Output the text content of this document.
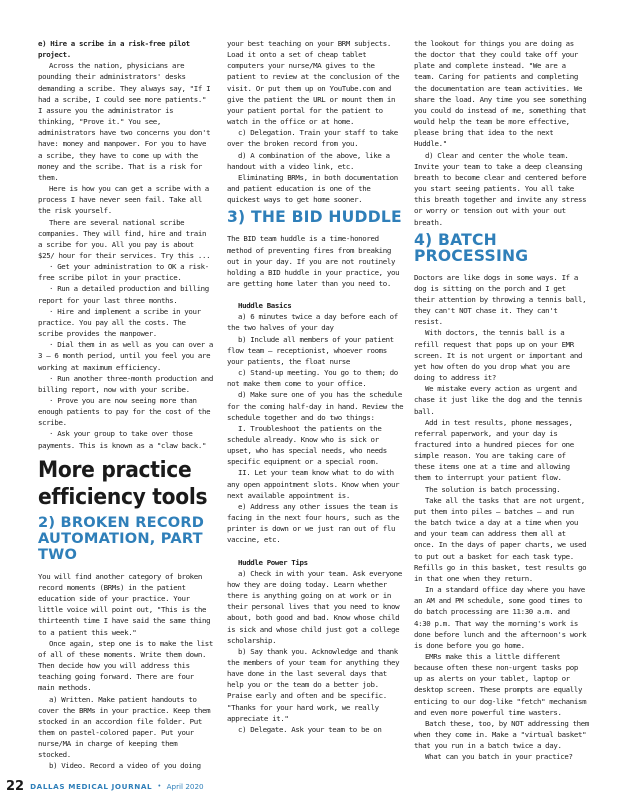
e) Hire a scribe in a risk-free pilot project.

Across the nation, physicians are pounding their administrators' desks demanding a scribe. They always say, "If I had a scribe, I could see more patients." I assure you the administrator is thinking, "Prove it." You see, administrators have two concerns you don't have: money and manpower. For you to have a scribe, they have to come up with the money and the scribe. That is a risk for them.

Here is how you can get a scribe with a process I have never seen fail. Take all the risk yourself.

There are several national scribe companies. They will find, hire and train a scribe for you. All you pay is about $25/ hour for their services. Try this ...

· Get your administration to OK a risk-free scribe pilot in your practice.

· Run a detailed production and billing report for your last three months.

· Hire and implement a scribe in your practice. You pay all the costs. The scribe provides the manpower.

· Dial them in as well as you can over a 3 – 6 month period, until you feel you are working at maximum efficiency.

· Run another three-month production and billing report, now with your scribe.

· Prove you are now seeing more than enough patients to pay for the cost of the scribe.

· Ask your group to take over those payments. This is known as a "claw back."

More practice efficiency tools
2) BROKEN RECORD AUTOMATION, PART TWO

You will find another category of broken record moments (BRMs) in the patient education side of your practice. Your little voice will point out, "This is the thirteenth time I have said the same thing to a patient this week."

Once again, step one is to make the list of all of these moments. Write them down. Then decide how you will address this teaching going forward. There are four main methods.

a) Written. Make patient handouts to cover the BRMs in your practice. Keep them stocked in an accordion file folder. Put them on pastel-colored paper. Put your nurse/MA in charge of keeping them stocked.

b) Video. Record a video of you doing

your best teaching on your BRM subjects. Load it onto a set of cheap tablet computers your nurse/MA gives to the patient to review at the conclusion of the visit. Or put them up on YouTube.com and give the patient the URL or mount them in your patient portal for the patient to watch in the office or at home.

c) Delegation. Train your staff to take over the broken record from you.

d) A combination of the above, like a handout with a video link, etc.

Eliminating BRMs, in both documentation and patient education is one of the quickest ways to get home sooner.

3) THE BID HUDDLE

The BID team huddle is a time-honored method of preventing fires from breaking out in your day. If you are not routinely holding a BID huddle in your practice, you are getting home later than you need to.

Huddle Basics

a) 6 minutes twice a day before each of the two halves of your day

b) Include all members of your patient flow team – receptionist, whoever rooms your patients, the float nurse

c) Stand-up meeting. You go to them; do not make them come to your office.

d) Make sure one of you has the schedule for the coming half-day in hand. Review the schedule together and do two things:

I. Troubleshoot the patients on the schedule already. Know who is sick or upset, who has special needs, who needs specific equipment or a special room.

II. Let your team know what to do with any open appointment slots. Know when your next available appointment is.

e) Address any other issues the team is facing in the next four hours, such as the printer is down or we just ran out of flu vaccine, etc.

Huddle Power Tips

a) Check in with your team. Ask everyone how they are doing today. Learn whether there is anything going on at work or in their personal lives that you need to know about, both good and bad. Know whose child is sick and whose child just got a college scholarship.

b) Say thank you. Acknowledge and thank the members of your team for anything they have done in the last several days that help you or the team do a better job. Praise early and often and be specific. "Thanks for your hard work, we really appreciate it."

c) Delegate. Ask your team to be on

the lookout for things you are doing as the doctor that they could take off your plate and complete instead. "We are a team. Caring for patients and completing the documentation are team activities. We share the load. Any time you see something you could do instead of me, something that would help the team be more effective, please bring that idea to the next Huddle."

d) Clear and center the whole team. Invite your team to take a deep cleansing breath to become clear and centered before you start seeing patients. You all take this breath together and invite any stress or worry or tension out with your out breath.

4) BATCH PROCESSING

Doctors are like dogs in some ways. If a dog is sitting on the porch and I get their attention by throwing a tennis ball, they can't NOT chase it. They can't resist.

With doctors, the tennis ball is a refill request that pops up on your EMR screen. It is not urgent or important and yet how often do you drop what you are doing to address it?

We mistake every action as urgent and chase it just like the dog and the tennis ball.

Add in test results, phone messages, referral paperwork, and your day is fractured into a hundred pieces for one simple reason. You are taking care of these items one at a time and allowing them to interrupt your patient flow.

The solution is batch processing.

Take all the tasks that are not urgent, put them into piles – batches – and run the batch twice a day at a time when you and your team can address them all at once. In the days of paper charts, we used to put out a basket for each task type. Refills go in this basket, test results go in that one when they return.

In a standard office day where you have an AM and PM schedule, some good times to do batch processing are 11:30 a.m. and 4:30 p.m. That way the morning's work is done before lunch and the afternoon's work is done before you go home.

EMRs make this a little different because often these non-urgent tasks pop up as alerts on your tablet, laptop or desktop screen. These prompts are equally enticing to our dog-like "fetch" mechanism and even more powerful time wasters.

Batch these, too, by NOT addressing them when they come in. Make a "virtual basket" that you run in a batch twice a day.

What can you batch in your practice?

22 DALLAS MEDICAL JOURNAL • April 2020
